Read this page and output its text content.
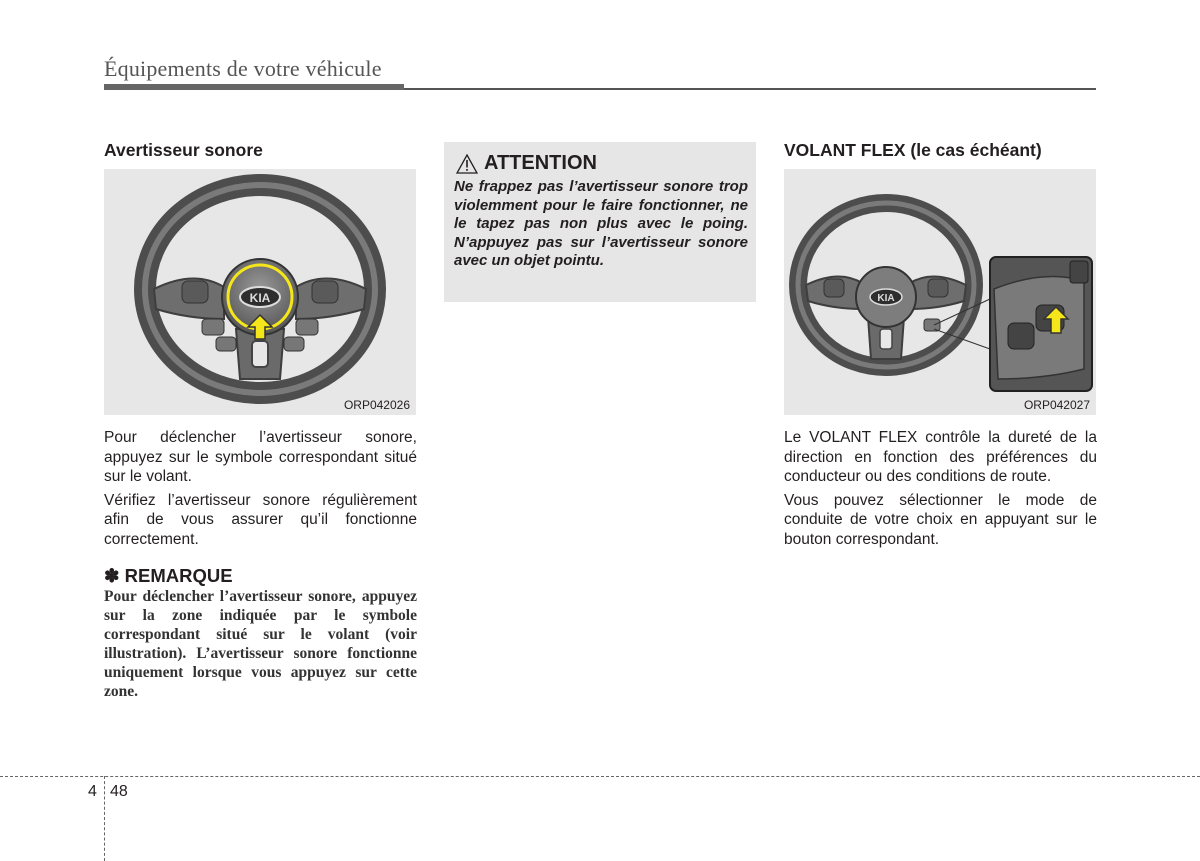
Équipements de votre véhicule
Avertisseur sonore
KIA
ORP042026

Pour déclencher l’avertisseur sonore, appuyez sur le symbole correspondant situé sur le volant.

Vérifiez l’avertisseur sonore régulièrement afin de vous assurer qu’il fonctionne correctement.

✽ REMARQUE
Pour déclencher l’avertisseur sonore, appuyez sur la zone indiquée par le symbole correspondant situé sur le volant (voir illustration). L’avertisseur sonore fonctionne uniquement lorsque vous appuyez sur cette zone.
ATTENTION
Ne frappez pas l’avertisseur sonore trop violemment pour le faire fonctionner, ne le tapez pas non plus avec le poing. N’appuyez pas sur l’avertisseur sonore avec un objet pointu.
VOLANT FLEX (le cas échéant)
KIA
ORP042027

Le VOLANT FLEX contrôle la dureté de la direction en fonction des préférences du conducteur ou des conditions de route.

Vous pouvez sélectionner le mode de conduite de votre choix en appuyant sur le bouton correspondant.

4 48
